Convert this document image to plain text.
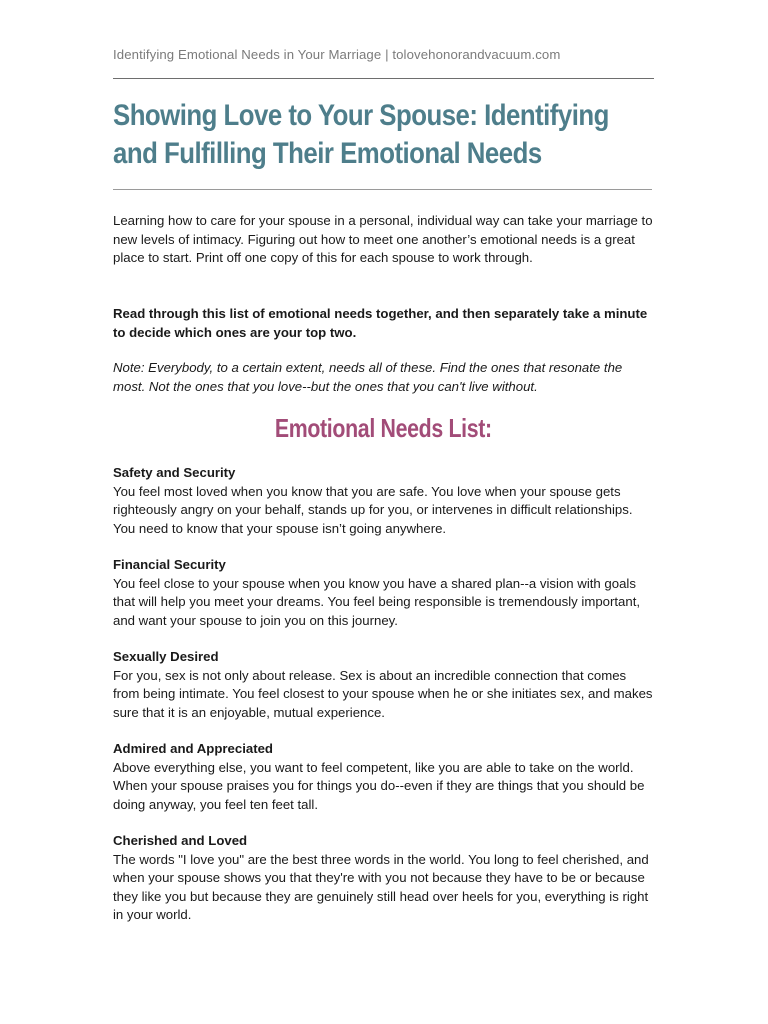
Identifying Emotional Needs in Your Marriage | tolovehonorandvacuum.com
Showing Love to Your Spouse: Identifying and Fulfilling Their Emotional Needs

Learning how to care for your spouse in a personal, individual way can take your marriage to new levels of intimacy. Figuring out how to meet one another’s emotional needs is a great place to start. Print off one copy of this for each spouse to work through.

Read through this list of emotional needs together, and then separately take a minute to decide which ones are your top two.

Note: Everybody, to a certain extent, needs all of these. Find the ones that resonate the most. Not the ones that you love--but the ones that you can't live without.

Emotional Needs List:

Safety and Security

You feel most loved when you know that you are safe. You love when your spouse gets righteously angry on your behalf, stands up for you, or intervenes in difficult relationships. You need to know that your spouse isn’t going anywhere.

Financial Security

You feel close to your spouse when you know you have a shared plan--a vision with goals that will help you meet your dreams. You feel being responsible is tremendously important, and want your spouse to join you on this journey.

Sexually Desired

For you, sex is not only about release. Sex is about an incredible connection that comes from being intimate. You feel closest to your spouse when he or she initiates sex, and makes sure that it is an enjoyable, mutual experience.

Admired and Appreciated

Above everything else, you want to feel competent, like you are able to take on the world. When your spouse praises you for things you do--even if they are things that you should be doing anyway, you feel ten feet tall.

Cherished and Loved

The words "I love you" are the best three words in the world. You long to feel cherished, and when your spouse shows you that they're with you not because they have to be or because they like you but because they are genuinely still head over heels for you, everything is right in your world.
